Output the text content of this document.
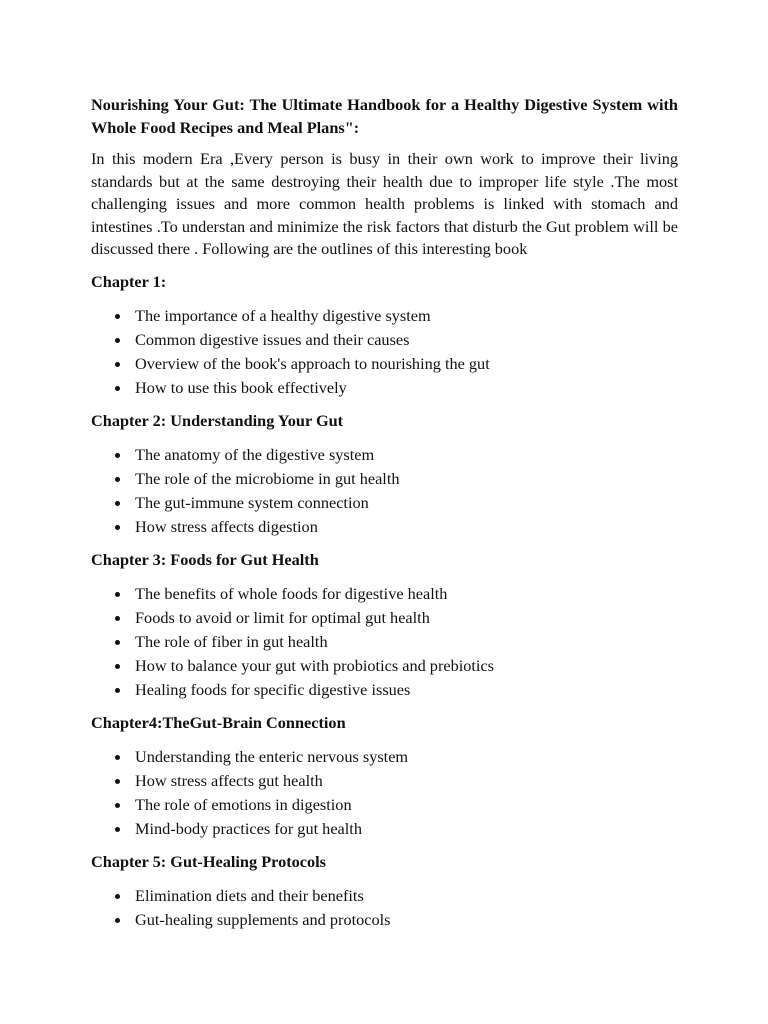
Nourishing Your Gut: The Ultimate Handbook for a Healthy Digestive System with Whole Food Recipes and Meal Plans":

In this modern Era ,Every person is busy in their own work to improve their living standards but at the same destroying their health due to improper life style .The most challenging issues and more common health problems is linked with stomach and intestines .To understan and minimize the risk factors that disturb the Gut problem will be discussed there . Following are the outlines of this interesting book

Chapter 1:
The importance of a healthy digestive system
Common digestive issues and their causes
Overview of the book's approach to nourishing the gut
How to use this book effectively
Chapter 2: Understanding Your Gut
The anatomy of the digestive system
The role of the microbiome in gut health
The gut-immune system connection
How stress affects digestion
Chapter 3: Foods for Gut Health
The benefits of whole foods for digestive health
Foods to avoid or limit for optimal gut health
The role of fiber in gut health
How to balance your gut with probiotics and prebiotics
Healing foods for specific digestive issues
Chapter4:TheGut-Brain Connection
Understanding the enteric nervous system
How stress affects gut health
The role of emotions in digestion
Mind-body practices for gut health
Chapter 5: Gut-Healing Protocols
Elimination diets and their benefits
Gut-healing supplements and protocols
